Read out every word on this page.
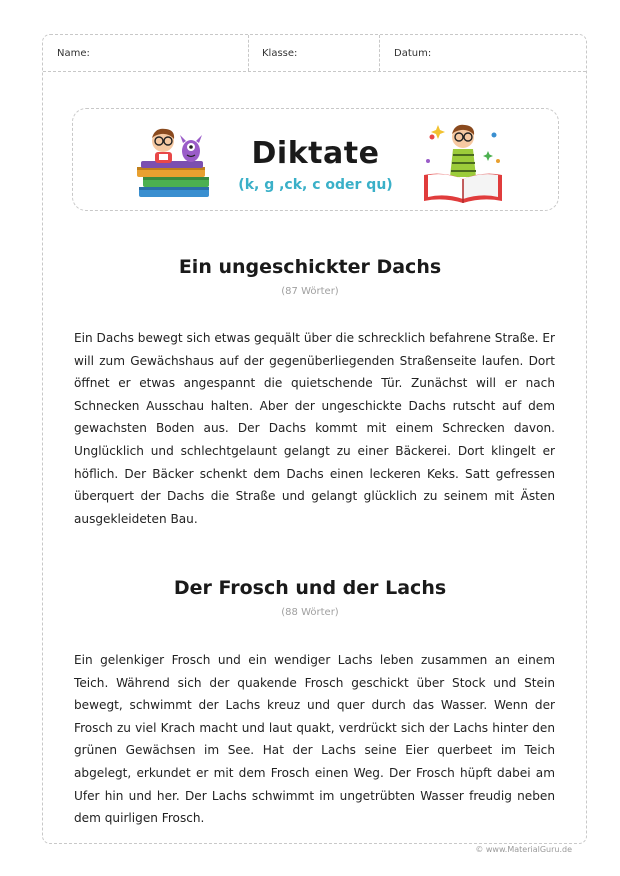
Name:	Klasse:	Datum:
Diktate
(k, g ,ck, c oder qu)
Ein ungeschickter Dachs
(87 Wörter)

Ein Dachs bewegt sich etwas gequält über die schrecklich befahrene Straße. Er will zum Gewächshaus auf der gegenüberliegenden Straßenseite laufen. Dort öffnet er etwas angespannt die quietschende Tür. Zunächst will er nach Schnecken Ausschau halten. Aber der ungeschickte Dachs rutscht auf dem gewachsten Boden aus. Der Dachs kommt mit einem Schrecken davon. Unglücklich und schlechtgelaunt gelangt zu einer Bäckerei. Dort klingelt er höflich. Der Bäcker schenkt dem Dachs einen leckeren Keks. Satt gefressen überquert der Dachs die Straße und gelangt glücklich zu seinem mit Ästen ausgekleideten Bau.

Der Frosch und der Lachs
(88 Wörter)

Ein gelenkiger Frosch und ein wendiger Lachs leben zusammen an einem Teich. Während sich der quakende Frosch geschickt über Stock und Stein bewegt, schwimmt der Lachs kreuz und quer durch das Wasser. Wenn der Frosch zu viel Krach macht und laut quakt, verdrückt sich der Lachs hinter den grünen Gewächsen im See. Hat der Lachs seine Eier querbeet im Teich abgelegt, erkundet er mit dem Frosch einen Weg. Der Frosch hüpft dabei am Ufer hin und her. Der Lachs schwimmt im ungetrübten Wasser freudig neben dem quirligen Frosch.

© www.MaterialGuru.de
